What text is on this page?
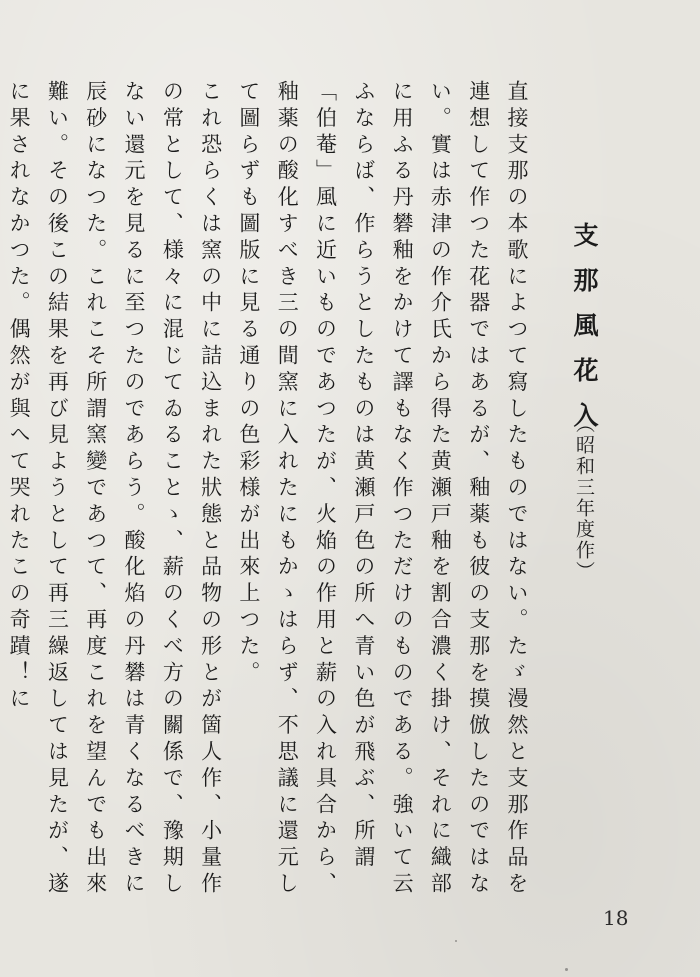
支那風花入
（昭和三年度作）
直接支那の本歌によつて寫したものではない。たゞ漫然と支那作品を連想して作つた花器ではあるが、釉薬も彼の支那を摸倣したのではない。實は赤津の作介氏から得た黄瀬戸釉を割合濃く掛け、それに織部に用ふる丹礬釉をかけて譯もなく作つただけのものである。強いて云ふならば、作らうとしたものは黄瀬戸色の所へ青い色が飛ぶ、所謂「伯菴」風に近いものであつたが、火焔の作用と薪の入れ具合から、釉薬の酸化すべき三の間窯に入れたにもかゝはらず、不思議に還元して圖らずも圖版に見る通りの色彩様が出來上つた。
これ恐らくは窯の中に詰込まれた狀態と品物の形とが箇人作、小量作の常として、様々に混じてゐることゝ、薪のくべ方の關係で、豫期しない還元を見るに至つたのであらう。酸化焰の丹礬は青くなるべきに辰砂になつた。これこそ所謂窯變であつて、再度これを望んでも出來難い。その後この結果を再び見ようとして再三繰返しては見たが、遂に果されなかつた。偶然が與へて哭れたこの奇蹟！に
18
